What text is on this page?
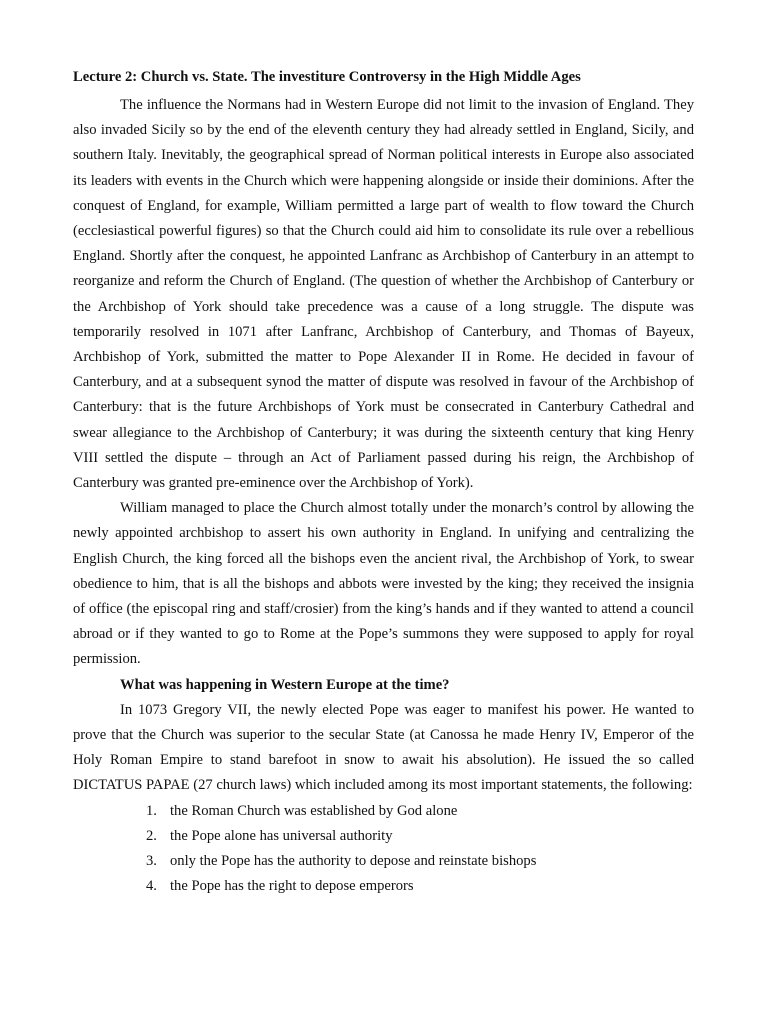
Lecture 2: Church vs. State. The investiture Controversy in the High Middle Ages

The influence the Normans had in Western Europe did not limit to the invasion of England. They also invaded Sicily so by the end of the eleventh century they had already settled in England, Sicily, and southern Italy. Inevitably, the geographical spread of Norman political interests in Europe also associated its leaders with events in the Church which were happening alongside or inside their dominions. After the conquest of England, for example, William permitted a large part of wealth to flow toward the Church (ecclesiastical powerful figures) so that the Church could aid him to consolidate its rule over a rebellious England. Shortly after the conquest, he appointed Lanfranc as Archbishop of Canterbury in an attempt to reorganize and reform the Church of England. (The question of whether the Archbishop of Canterbury or the Archbishop of York should take precedence was a cause of a long struggle. The dispute was temporarily resolved in 1071 after Lanfranc, Archbishop of Canterbury, and Thomas of Bayeux, Archbishop of York, submitted the matter to Pope Alexander II in Rome. He decided in favour of Canterbury, and at a subsequent synod the matter of dispute was resolved in favour of the Archbishop of Canterbury: that is the future Archbishops of York must be consecrated in Canterbury Cathedral and swear allegiance to the Archbishop of Canterbury; it was during the sixteenth century that king Henry VIII settled the dispute – through an Act of Parliament passed during his reign, the Archbishop of Canterbury was granted pre-eminence over the Archbishop of York).

William managed to place the Church almost totally under the monarch’s control by allowing the newly appointed archbishop to assert his own authority in England. In unifying and centralizing the English Church, the king forced all the bishops even the ancient rival, the Archbishop of York, to swear obedience to him, that is all the bishops and abbots were invested by the king; they received the insignia of office (the episcopal ring and staff/crosier) from the king’s hands and if they wanted to attend a council abroad or if they wanted to go to Rome at the Pope’s summons they were supposed to apply for royal permission.

What was happening in Western Europe at the time?

In 1073 Gregory VII, the newly elected Pope was eager to manifest his power. He wanted to prove that the Church was superior to the secular State (at Canossa he made Henry IV, Emperor of the Holy Roman Empire to stand barefoot in snow to await his absolution). He issued the so called DICTATUS PAPAE (27 church laws) which included among its most important statements, the following:

1. the Roman Church was established by God alone
2. the Pope alone has universal authority
3. only the Pope has the authority to depose and reinstate bishops
4. the Pope has the right to depose emperors
